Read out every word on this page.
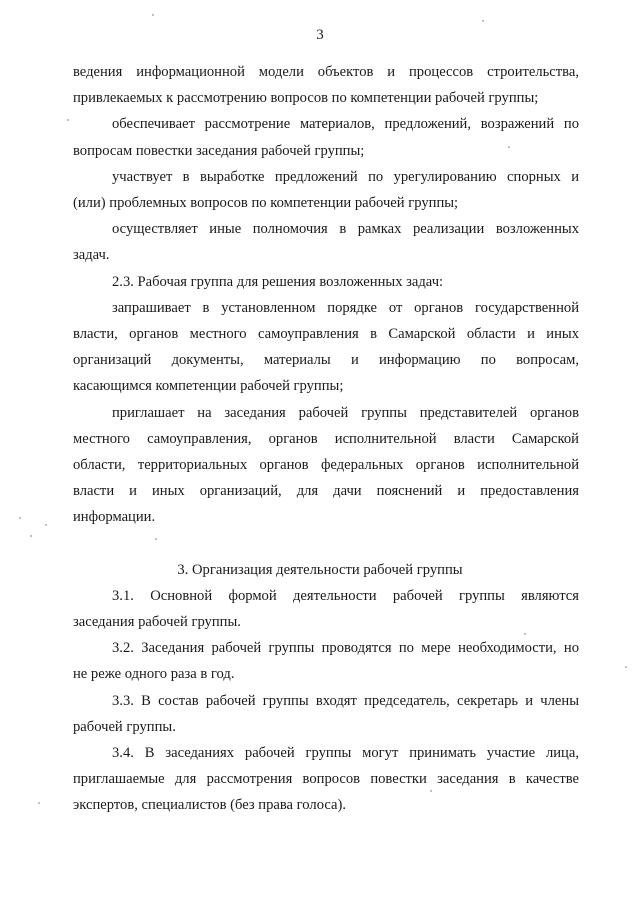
3
ведения информационной модели объектов и процессов строительства,
привлекаемых к рассмотрению вопросов по компетенции рабочей группы;
обеспечивает рассмотрение материалов, предложений, возражений по
вопросам повестки заседания рабочей группы;
участвует в выработке предложений по урегулированию спорных и
(или) проблемных вопросов по компетенции рабочей группы;
осуществляет иные полномочия в рамках реализации возложенных
задач.
2.3. Рабочая группа для решения возложенных задач:
запрашивает в установленном порядке от органов государственной
власти, органов местного самоуправления в Самарской области и иных
организаций документы, материалы и информацию по вопросам,
касающимся компетенции рабочей группы;
приглашает на заседания рабочей группы представителей органов
местного самоуправления, органов исполнительной власти Самарской
области, территориальных органов федеральных органов исполнительной
власти и иных организаций, для дачи пояснений и предоставления
информации.
3. Организация деятельности рабочей группы
3.1. Основной формой деятельности рабочей группы являются
заседания рабочей группы.
3.2. Заседания рабочей группы проводятся по мере необходимости, но
не реже одного раза в год.
3.3. В состав рабочей группы входят председатель, секретарь и члены
рабочей группы.
3.4. В заседаниях рабочей группы могут принимать участие лица,
приглашаемые для рассмотрения вопросов повестки заседания в качестве
экспертов, специалистов (без права голоса).
